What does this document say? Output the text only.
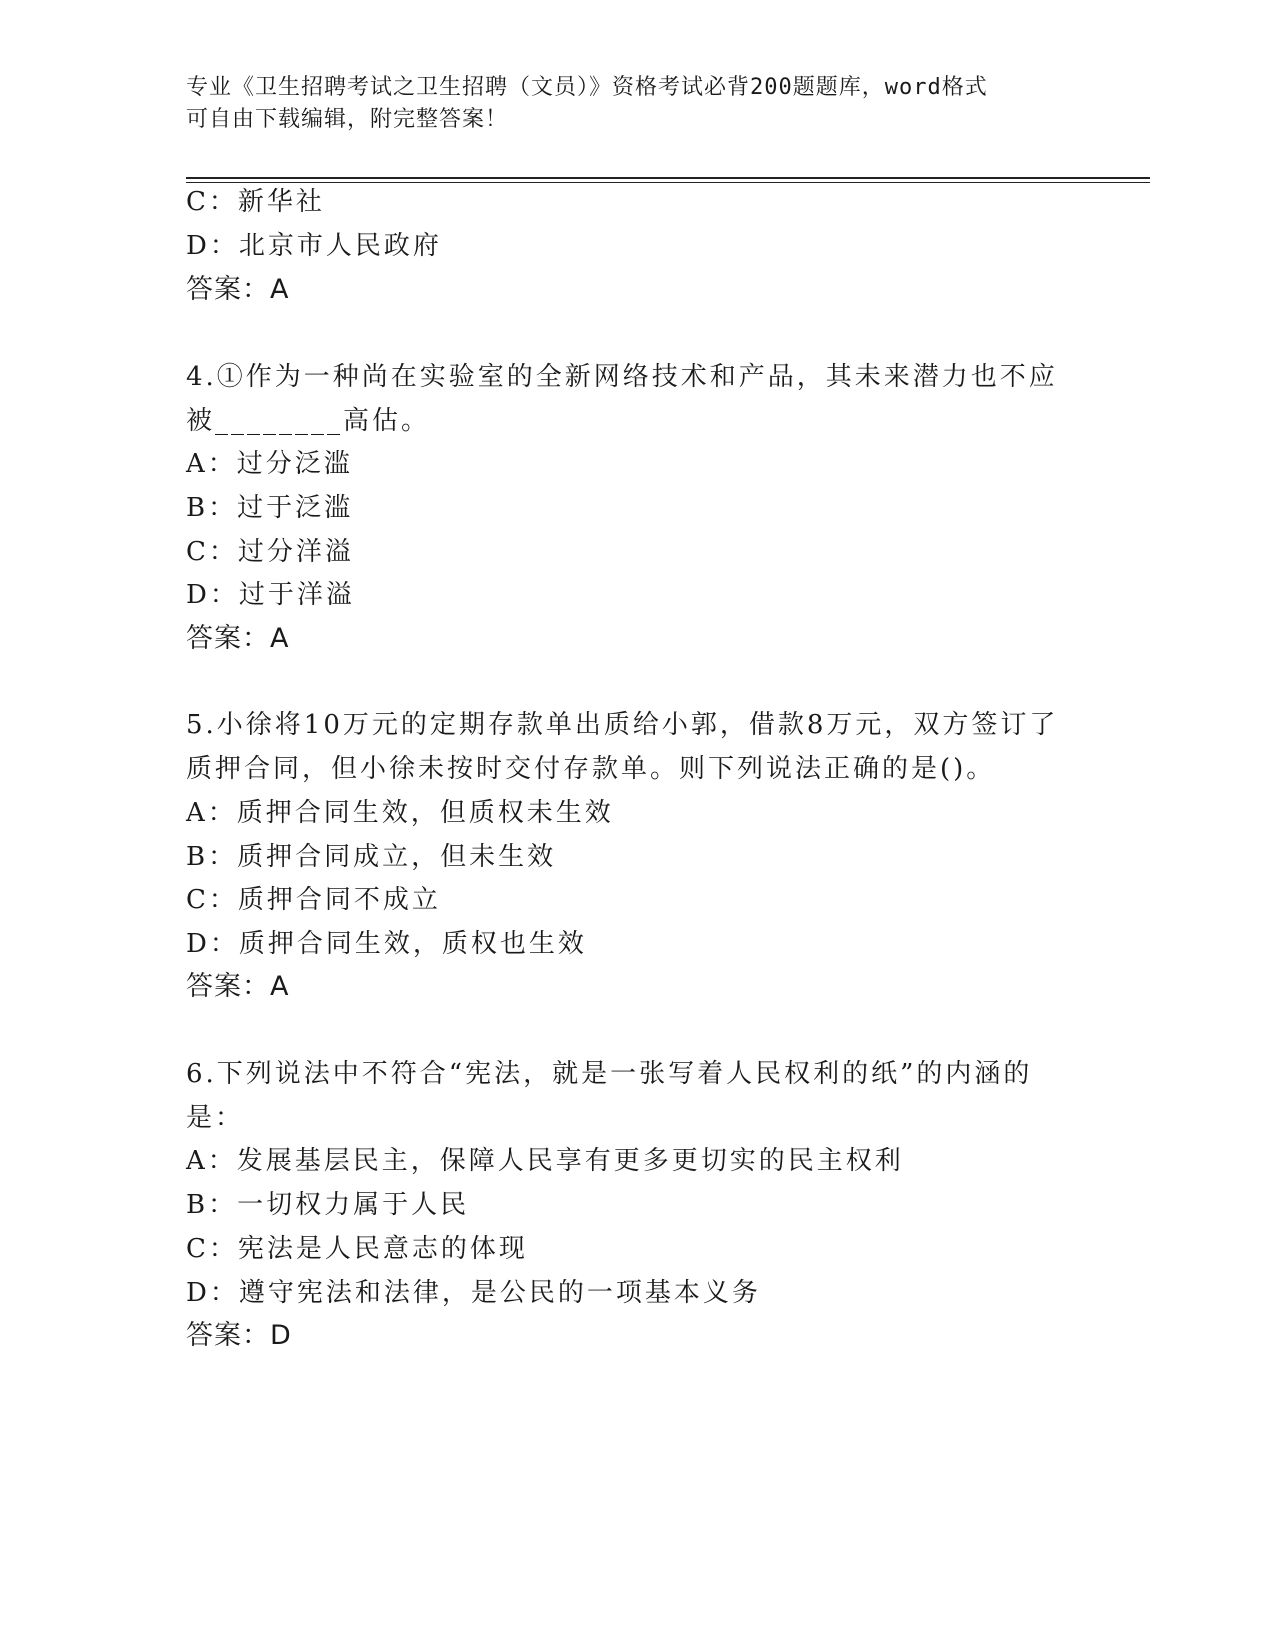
专业《卫生招聘考试之卫生招聘（文员）》资格考试必背200题题库，word格式
可自由下载编辑，附完整答案！
C：新华社
D：北京市人民政府
答案：A
4.①作为一种尚在实验室的全新网络技术和产品，其未来潜力也不应
被________高估。
A：过分泛滥
B：过于泛滥
C：过分洋溢
D：过于洋溢
答案：A
5.小徐将10万元的定期存款单出质给小郭，借款8万元，双方签订了
质押合同，但小徐未按时交付存款单。则下列说法正确的是()。
A：质押合同生效，但质权未生效
B：质押合同成立，但未生效
C：质押合同不成立
D：质押合同生效，质权也生效
答案：A
6.下列说法中不符合“宪法，就是一张写着人民权利的纸”的内涵的
是：
A：发展基层民主，保障人民享有更多更切实的民主权利
B：一切权力属于人民
C：宪法是人民意志的体现
D：遵守宪法和法律，是公民的一项基本义务
答案：D
